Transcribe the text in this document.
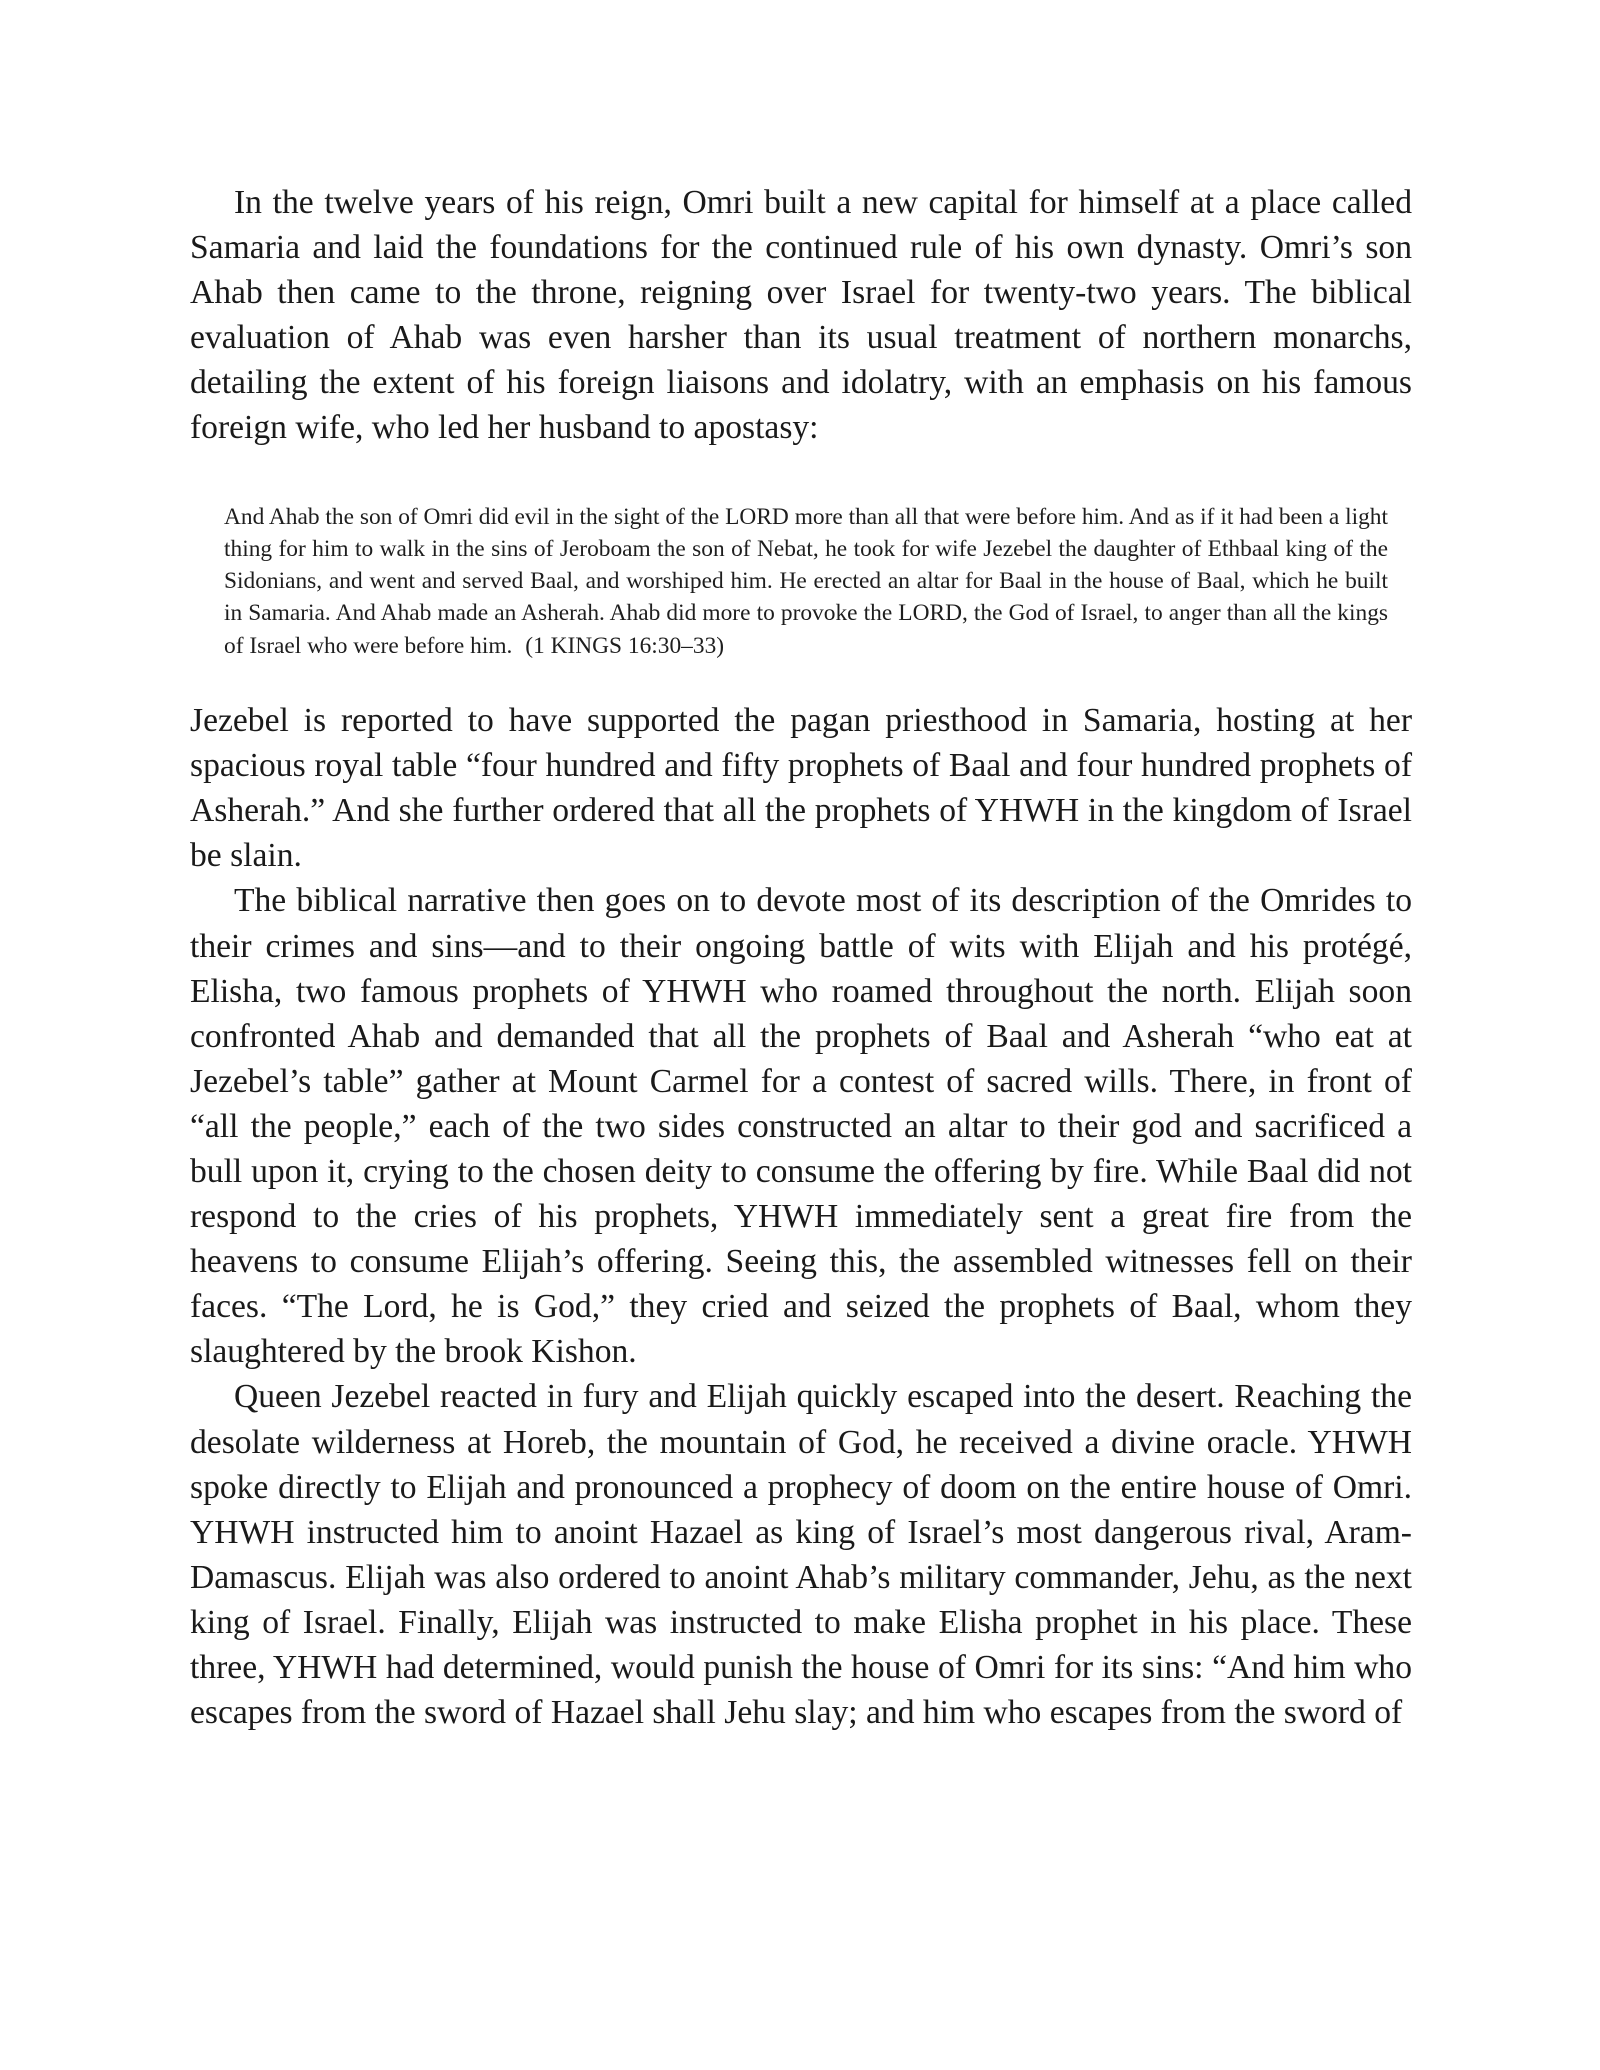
In the twelve years of his reign, Omri built a new capital for himself at a place called Samaria and laid the foundations for the continued rule of his own dynasty. Omri’s son Ahab then came to the throne, reigning over Israel for twenty-two years. The biblical evaluation of Ahab was even harsher than its usual treatment of northern monarchs, detailing the extent of his foreign liaisons and idolatry, with an emphasis on his famous foreign wife, who led her husband to apostasy:

And Ahab the son of Omri did evil in the sight of the LORD more than all that were before him. And as if it had been a light thing for him to walk in the sins of Jeroboam the son of Nebat, he took for wife Jezebel the daughter of Ethbaal king of the Sidonians, and went and served Baal, and worshiped him. He erected an altar for Baal in the house of Baal, which he built in Samaria. And Ahab made an Asherah. Ahab did more to provoke the LORD, the God of Israel, to anger than all the kings of Israel who were before him. (1 KINGS 16:30–33)

Jezebel is reported to have supported the pagan priesthood in Samaria, hosting at her spacious royal table “four hundred and fifty prophets of Baal and four hundred prophets of Asherah.” And she further ordered that all the prophets of YHWH in the kingdom of Israel be slain.

The biblical narrative then goes on to devote most of its description of the Omrides to their crimes and sins—and to their ongoing battle of wits with Elijah and his protégé, Elisha, two famous prophets of YHWH who roamed throughout the north. Elijah soon confronted Ahab and demanded that all the prophets of Baal and Asherah “who eat at Jezebel’s table” gather at Mount Carmel for a contest of sacred wills. There, in front of “all the people,” each of the two sides constructed an altar to their god and sacrificed a bull upon it, crying to the chosen deity to consume the offering by fire. While Baal did not respond to the cries of his prophets, YHWH immediately sent a great fire from the heavens to consume Elijah’s offering. Seeing this, the assembled witnesses fell on their faces. “The Lord, he is God,” they cried and seized the prophets of Baal, whom they slaughtered by the brook Kishon.

Queen Jezebel reacted in fury and Elijah quickly escaped into the desert. Reaching the desolate wilderness at Horeb, the mountain of God, he received a divine oracle. YHWH spoke directly to Elijah and pronounced a prophecy of doom on the entire house of Omri. YHWH instructed him to anoint Hazael as king of Israel’s most dangerous rival, Aram-Damascus. Elijah was also ordered to anoint Ahab’s military commander, Jehu, as the next king of Israel. Finally, Elijah was instructed to make Elisha prophet in his place. These three, YHWH had determined, would punish the house of Omri for its sins: “And him who escapes from the sword of Hazael shall Jehu slay; and him who escapes from the sword of
